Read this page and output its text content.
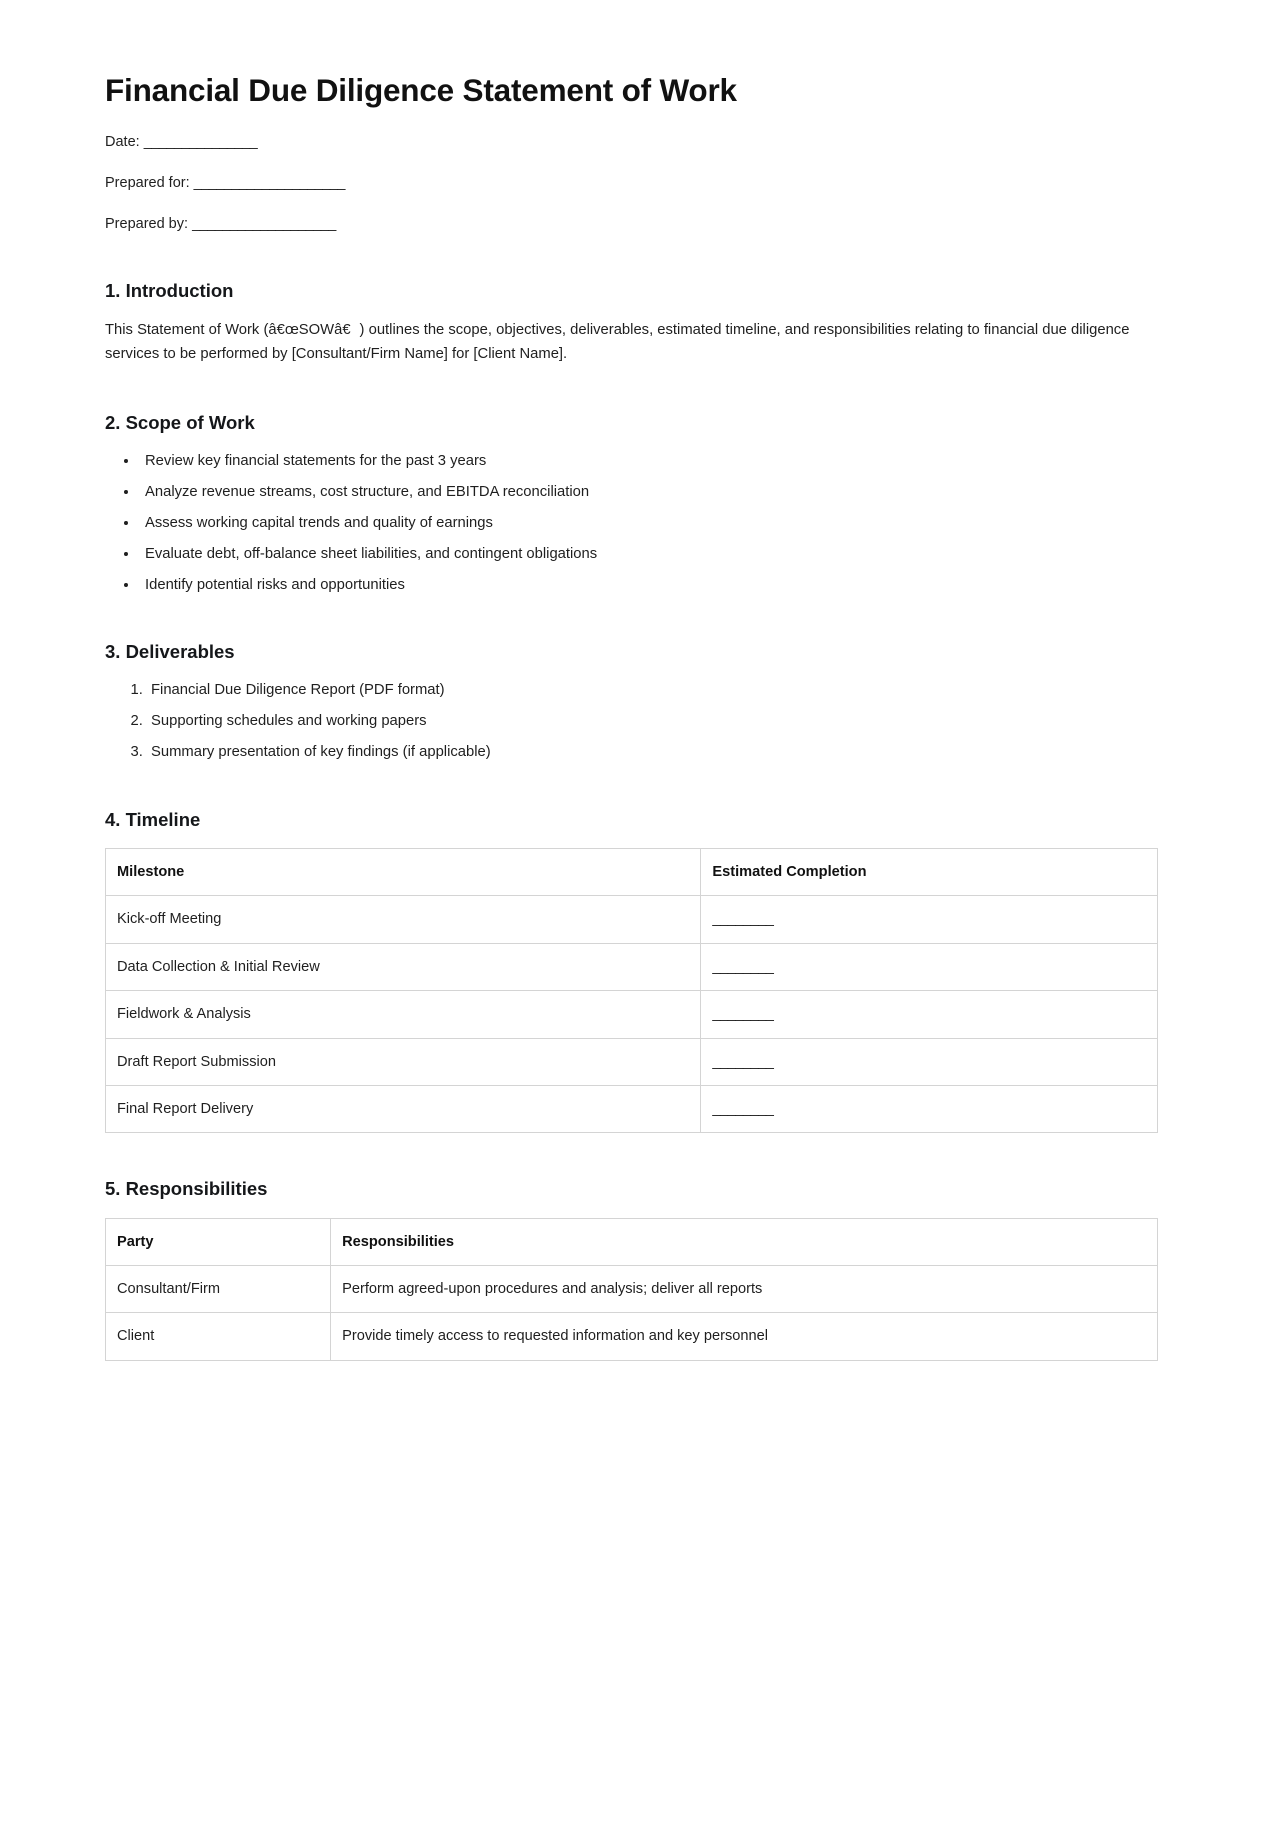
Financial Due Diligence Statement of Work

Date: _______________

Prepared for: ____________________

Prepared by: ___________________

1. Introduction

This Statement of Work (â€œSOWâ€) outlines the scope, objectives, deliverables, estimated timeline, and responsibilities relating to financial due diligence services to be performed by [Consultant/Firm Name] for [Client Name].

2. Scope of Work
• Review key financial statements for the past 3 years
• Analyze revenue streams, cost structure, and EBITDA reconciliation
• Assess working capital trends and quality of earnings
• Evaluate debt, off-balance sheet liabilities, and contingent obligations
• Identify potential risks and opportunities
3. Deliverables
1. Financial Due Diligence Report (PDF format)
2. Supporting schedules and working papers
3. Summary presentation of key findings (if applicable)
4. Timeline
Milestone	Estimated Completion
Kick-off Meeting	________
Data Collection & Initial Review	________
Fieldwork & Analysis	________
Draft Report Submission	________
Final Report Delivery	________
5. Responsibilities
Party	Responsibilities
Consultant/Firm	Perform agreed-upon procedures and analysis; deliver all reports
Client	Provide timely access to requested information and key personnel
